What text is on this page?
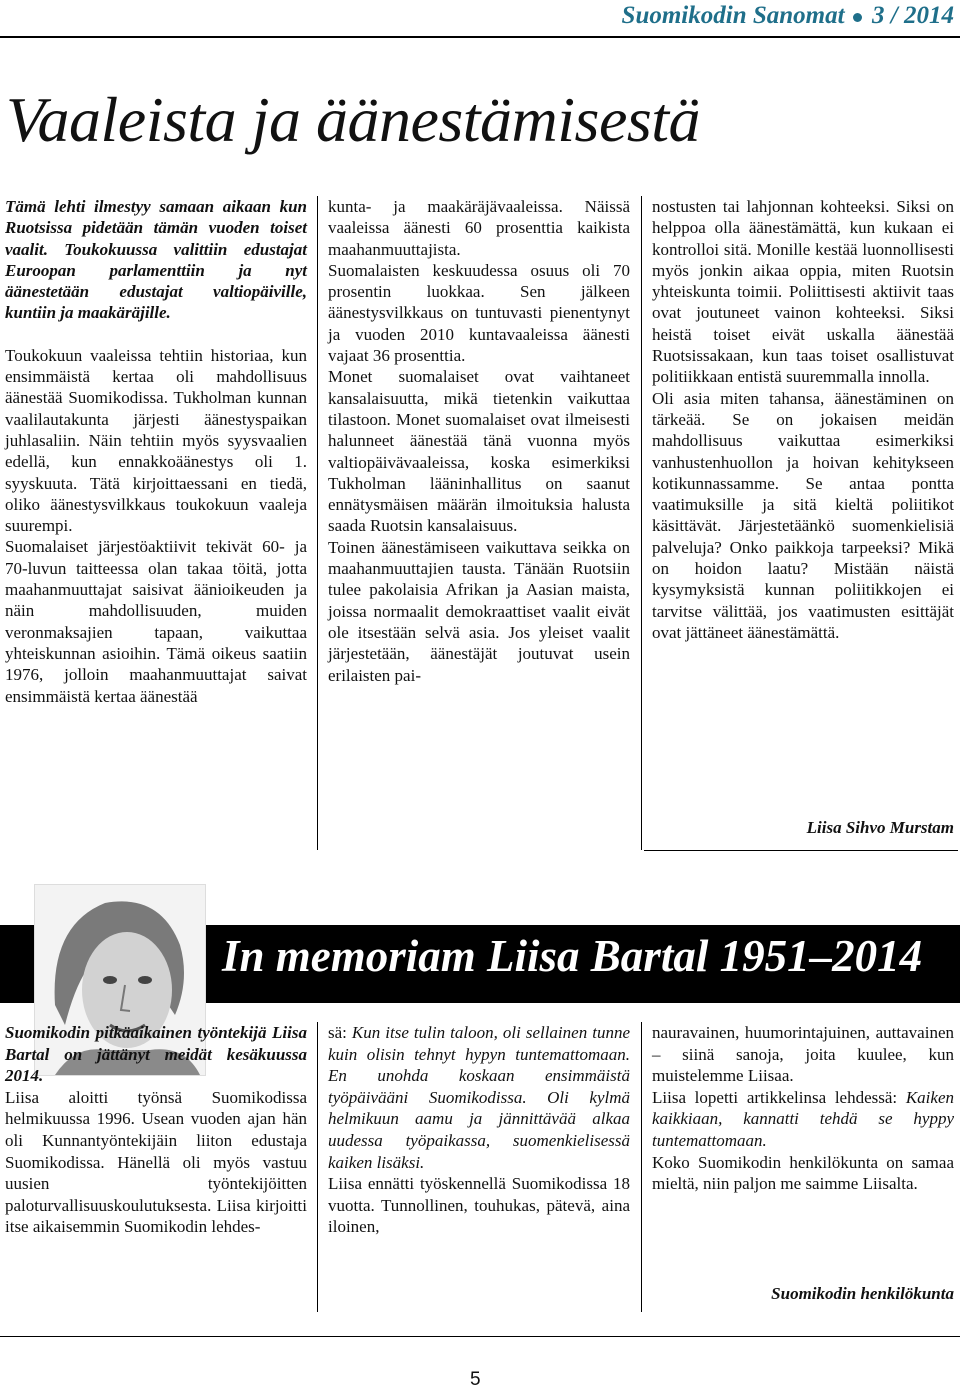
Suomikodin Sanomat 3 / 2014
Vaaleista ja äänestämisestä

Tämä lehti ilmestyy samaan aikaan kun Ruotsissa pidetään tämän vuoden toiset vaalit. Toukokuussa valittiin edustajat Euroopan parlamenttiin ja nyt äänestetään edustajat valtiopäiville, kuntiin ja maakäräjille.

Toukokuun vaaleissa tehtiin historiaa, kun ensimmäistä kertaa oli mahdollisuus äänestää Suomikodissa. Tukholman kunnan vaalilautakunta järjesti äänestyspaikan juhlasaliin. Näin tehtiin myös syysvaalien edellä, kun ennakkoäänestys oli 1. syyskuuta. Tätä kirjoittaessani en tiedä, oliko äänestysvilkkaus toukokuun vaaleja suurempi.

Suomalaiset järjestöaktiivit tekivät 60- ja 70-luvun taitteessa olan takaa töitä, jotta maahanmuuttajat saisivat äänioikeuden ja näin mahdollisuuden, muiden veronmaksajien tapaan, vaikuttaa yhteiskunnan asioihin. Tämä oikeus saatiin 1976, jolloin maahanmuuttajat saivat ensimmäistä kertaa äänestää

kunta- ja maakäräjävaaleissa. Näissä vaaleissa äänesti 60 prosenttia kaikista maahanmuuttajista.

Suomalaisten keskuudessa osuus oli 70 prosentin luokkaa. Sen jälkeen äänestysvilkkaus on tuntuvasti pienentynyt ja vuoden 2010 kuntavaaleissa äänesti vajaat 36 prosenttia.

Monet suomalaiset ovat vaihtaneet kansalaisuutta, mikä tietenkin vaikuttaa tilastoon. Monet suomalaiset ovat ilmeisesti halunneet äänestää tänä vuonna myös valtiopäivävaaleissa, koska esimerkiksi Tukholman lääninhallitus on saanut ennätysmäisen määrän ilmoituksia halusta saada Ruotsin kansalaisuus.

Toinen äänestämiseen vaikuttava seikka on maahanmuuttajien tausta. Tänään Ruotsiin tulee pakolaisia Afrikan ja Aasian maista, joissa normaalit demokraattiset vaalit eivät ole itsestään selvä asia. Jos yleiset vaalit järjestetään, äänestäjät joutuvat usein erilaisten pai-

nostusten tai lahjonnan kohteeksi. Siksi on helppoa olla äänestämättä, kun kukaan ei kontrolloi sitä. Monille kestää luonnollisesti myös jonkin aikaa oppia, miten Ruotsin yhteiskunta toimii. Poliittisesti aktiivit taas ovat joutuneet vainon kohteeksi. Siksi heistä toiset eivät uskalla äänestää Ruotsissakaan, kun taas toiset osallistuvat politiikkaan entistä suuremmalla innolla.

Oli asia miten tahansa, äänestäminen on tärkeää. Se on jokaisen meidän mahdollisuus vaikuttaa esimerkiksi vanhustenhuollon ja hoivan kehitykseen kotikunnassamme. Se antaa pontta vaatimuksille ja sitä kieltä poliitikot käsittävät. Järjestetäänkö suomenkielisiä palveluja? Onko paikkoja tarpeeksi? Mikä on hoidon laatu? Mistään näistä kysymyksistä kunnan poliitikkojen ei tarvitse välittää, jos vaatimusten esittäjät ovat jättäneet äänestämättä.

Liisa Sihvo Murstam
In memoriam Liisa Bartal 1951–2014

Suomikodin pitkäaikainen työntekijä Liisa Bartal on jättänyt meidät kesäkuussa 2014.

Liisa aloitti työnsä Suomikodissa helmikuussa 1996. Usean vuoden ajan hän oli Kunnantyöntekijäin liiton edustaja Suomikodissa. Hänellä oli myös vastuu uusien työntekijöitten paloturvallisuuskoulutuksesta. Liisa kirjoitti itse aikaisemmin Suomikodin lehdes-

sä: Kun itse tulin taloon, oli sellainen tunne kuin olisin tehnyt hypyn tuntemattomaan. En unohda koskaan ensimmäistä työpäivääni Suomikodissa. Oli kylmä helmikuun aamu ja jännittävää alkaa uudessa työpaikassa, suomenkielisessä kaiken lisäksi.

Liisa ennätti työskennellä Suomikodissa 18 vuotta. Tunnollinen, touhukas, pätevä, aina iloinen,

nauravainen, huumorintajuinen, auttavainen – siinä sanoja, joita kuulee, kun muistelemme Liisaa.

Liisa lopetti artikkelinsa lehdessä: Kaiken kaikkiaan, kannatti tehdä se hyppy tuntemattomaan.

Koko Suomikodin henkilökunta on samaa mieltä, niin paljon me saimme Liisalta.

Suomikodin henkilökunta
5
